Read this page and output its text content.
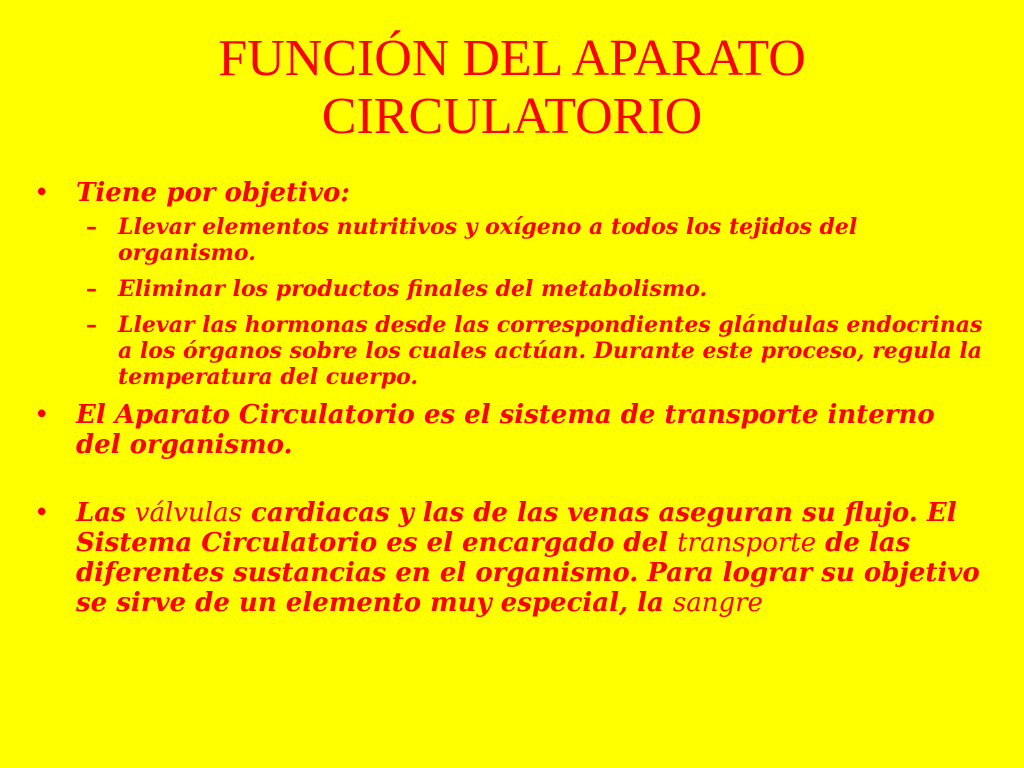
FUNCIÓN DEL APARATO
CIRCULATORIO

• Tiene por objetivo:

– Llevar elementos nutritivos y oxígeno a todos los tejidos del organismo.

– Eliminar los productos finales del metabolismo.

– Llevar las hormonas desde las correspondientes glándulas endocrinas a los órganos sobre los cuales actúan. Durante este proceso, regula la temperatura del cuerpo.

• El Aparato Circulatorio es el sistema de transporte interno del organismo.

• Las válvulas cardiacas y las de las venas aseguran su flujo. El Sistema Circulatorio es el encargado del transporte de las diferentes sustancias en el organismo. Para lograr su objetivo se sirve de un elemento muy especial, la sangre
